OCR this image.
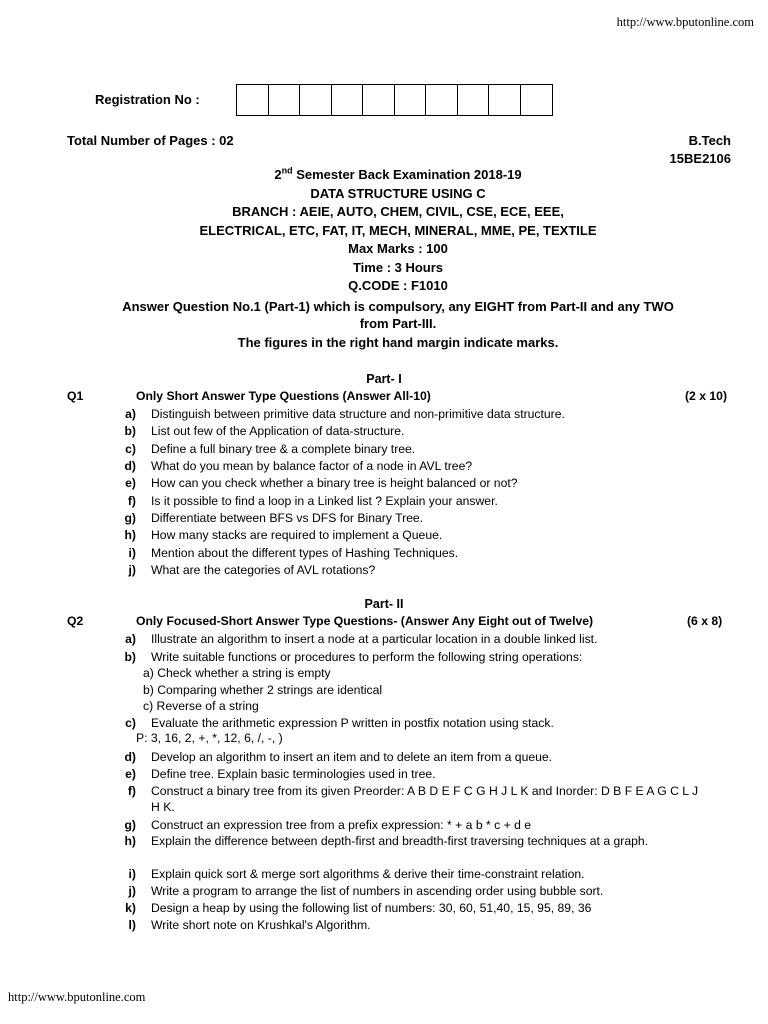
http://www.bputonline.com
Registration No :
Total Number of Pages : 02	B.Tech
15BE2106
2nd Semester Back Examination 2018-19
DATA STRUCTURE USING C
BRANCH : AEIE, AUTO, CHEM, CIVIL, CSE, ECE, EEE,
ELECTRICAL, ETC, FAT, IT, MECH, MINERAL, MME, PE, TEXTILE
Max Marks : 100
Time : 3 Hours
Q.CODE : F1010
Answer Question No.1 (Part-1) which is compulsory, any EIGHT from Part-II and any TWO
from Part-III.
The figures in the right hand margin indicate marks.
Part- I
Q1	Only Short Answer Type Questions (Answer All-10)	(2 x 10)
a)	Distinguish between primitive data structure and non-primitive data structure.
b)	List out few of the Application of data-structure.
c)	Define a full binary tree & a complete binary tree.
d)	What do you mean by balance factor of a node in AVL tree?
e)	How can you check whether a binary tree is height balanced or not?
f)	Is it possible to find a loop in a Linked list ? Explain your answer.
g)	Differentiate between BFS vs DFS for Binary Tree.
h)	How many stacks are required to implement a Queue.
i)	Mention about the different types of Hashing Techniques.
j)	What are the categories of AVL rotations?
Part- II
Q2	Only Focused-Short Answer Type Questions- (Answer Any Eight out of Twelve)	(6 x 8)
a)	Illustrate an algorithm to insert a node at a particular location in a double linked list.
b)	Write suitable functions or procedures to perform the following string operations:
a) Check whether a string is empty
b) Comparing whether 2 strings are identical
c) Reverse of a string
c)	Evaluate the arithmetic expression P written in postfix notation using stack.
P: 3, 16, 2, +, *, 12, 6, /, -, )
d)	Develop an algorithm to insert an item and to delete an item from a queue.
e)	Define tree. Explain basic terminologies used in tree.
f)	Construct a binary tree from its given Preorder: A B D E F C G H J L K and Inorder: D B F E A G C L J H K.
g)	Construct an expression tree from a prefix expression: * + a b * c + d e
h)	Explain the difference between depth-first and breadth-first traversing techniques at a graph.
i)	Explain quick sort & merge sort algorithms & derive their time-constraint relation.
j)	Write a program to arrange the list of numbers in ascending order using bubble sort.
k)	Design a heap by using the following list of numbers: 30, 60, 51,40, 15, 95, 89, 36
l)	Write short note on Krushkal's Algorithm.
http://www.bputonline.com
